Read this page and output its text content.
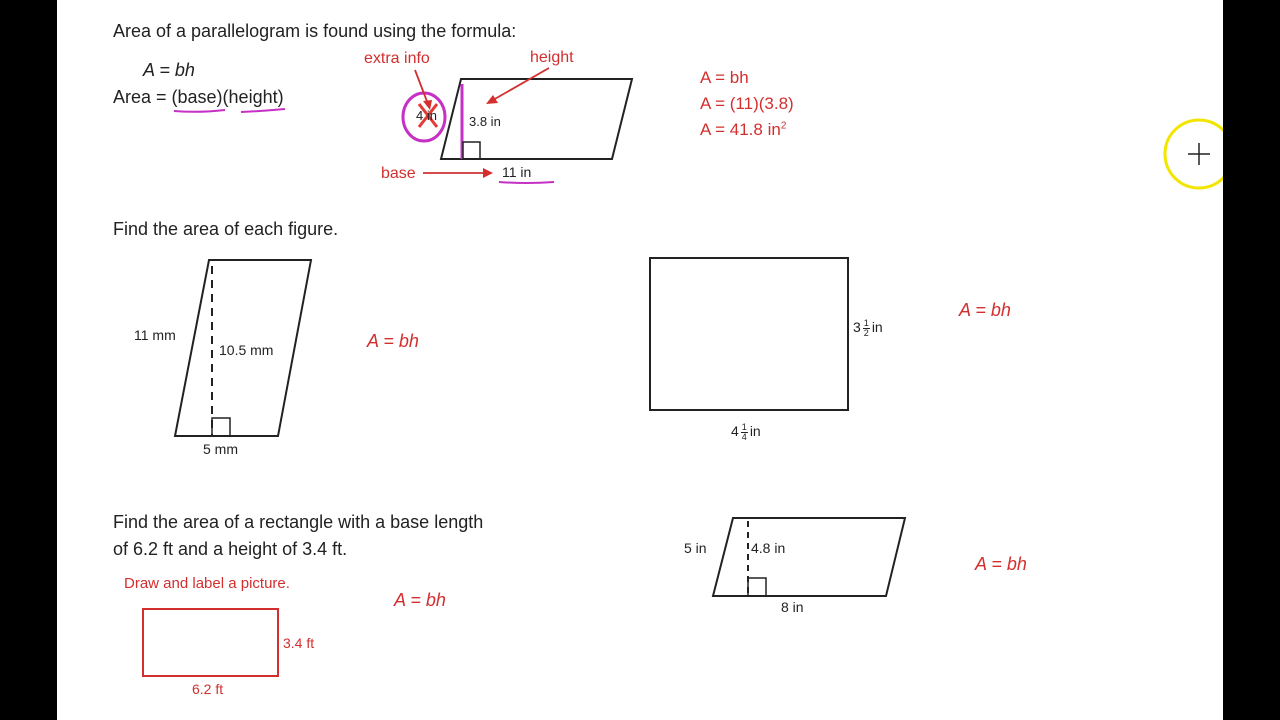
Area of a parallelogram is found using the formula:
A = bh
Area = (base)(height)
extra info	height
base
4 in 3.8 in
11 in
A = bh
A = (11)(3.8)
A = 41.8 $in^2$
Find the area of each figure.
11 mm
10.5 mm
5 mm
A = bh
$3 \frac{1}{2}$ in
$4 \frac{1}{4}$ in
A = bh
Find the area of a rectangle with a base length
of 6.2 ft and a height of 3.4 ft.
Draw and label a picture.
3.4 ft
6.2 ft
A = bh
5 in	4.8 in
8 in
A = bh
